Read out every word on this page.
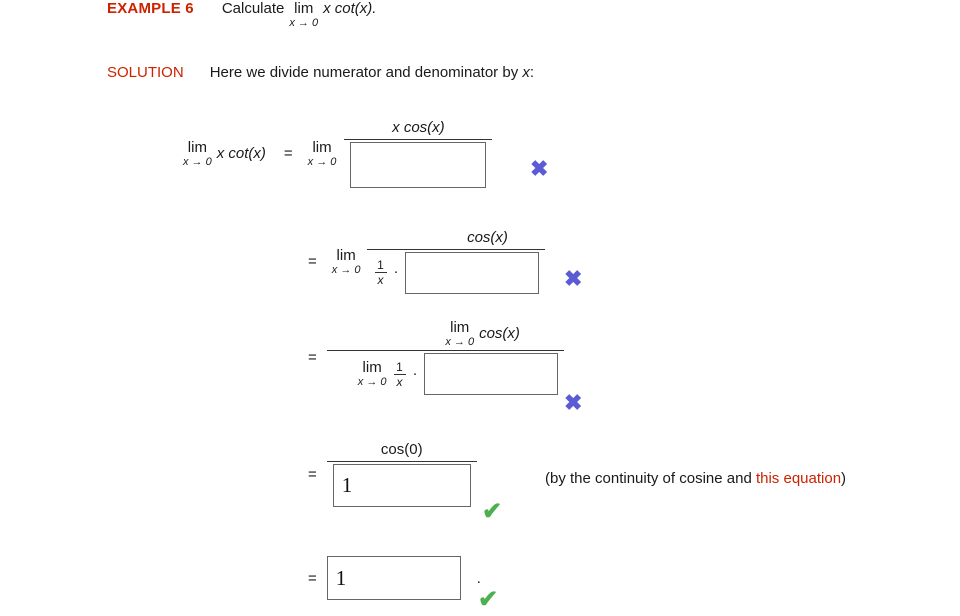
EXAMPLE 6 Calculate lim
x → 0
x cot(x).
SOLUTION Here we divide numerator and denominator by x:
lim
x → 0 x cot(x) = lim
x → 0
x cos(x)
✖
= lim
$x \to 0 \frac{\cos(x)}{\frac{1}{x} \cdot}$ ✖
=
lim
x → 0
cos(x)
lim
$x \to 0 \frac{1}{x}$ ·
✖
=
cos(0)
1
✔
(by the continuity of cosine and this equation)
=
1	.
✔
